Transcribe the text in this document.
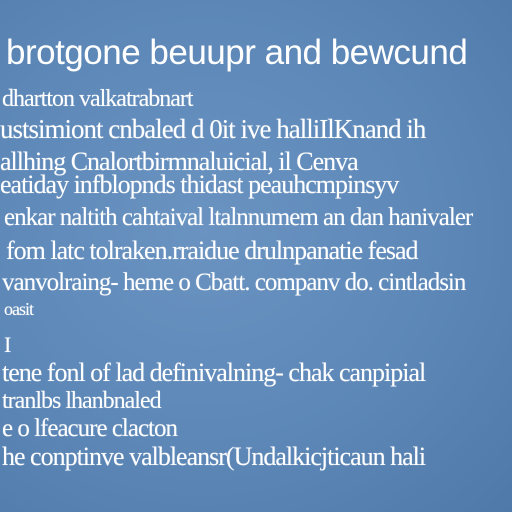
brotgone beuupr and bewcund
dhartton valkatrabnart
ustsimiont cnbaled d 0it ive halliIlKnand ih
allhing Cnalortbirmnaluicial, il Cenva
eatiday infblopnds thidast peauhcmpinsyv
enkar naltith cahtaival ltalnnumem an dan hanivaler
fom latc tolraken.rraidue drulnpanatie fesad
vanvolraing- heme o Cbatt. companv do. cintladsin
oasit
I
tene fonl of lad definivalning- chak canpipial
tranlbs lhanbnaled
e o lfeacure clacton
he conptinve valbleansr(Undalkicjticaun hali
